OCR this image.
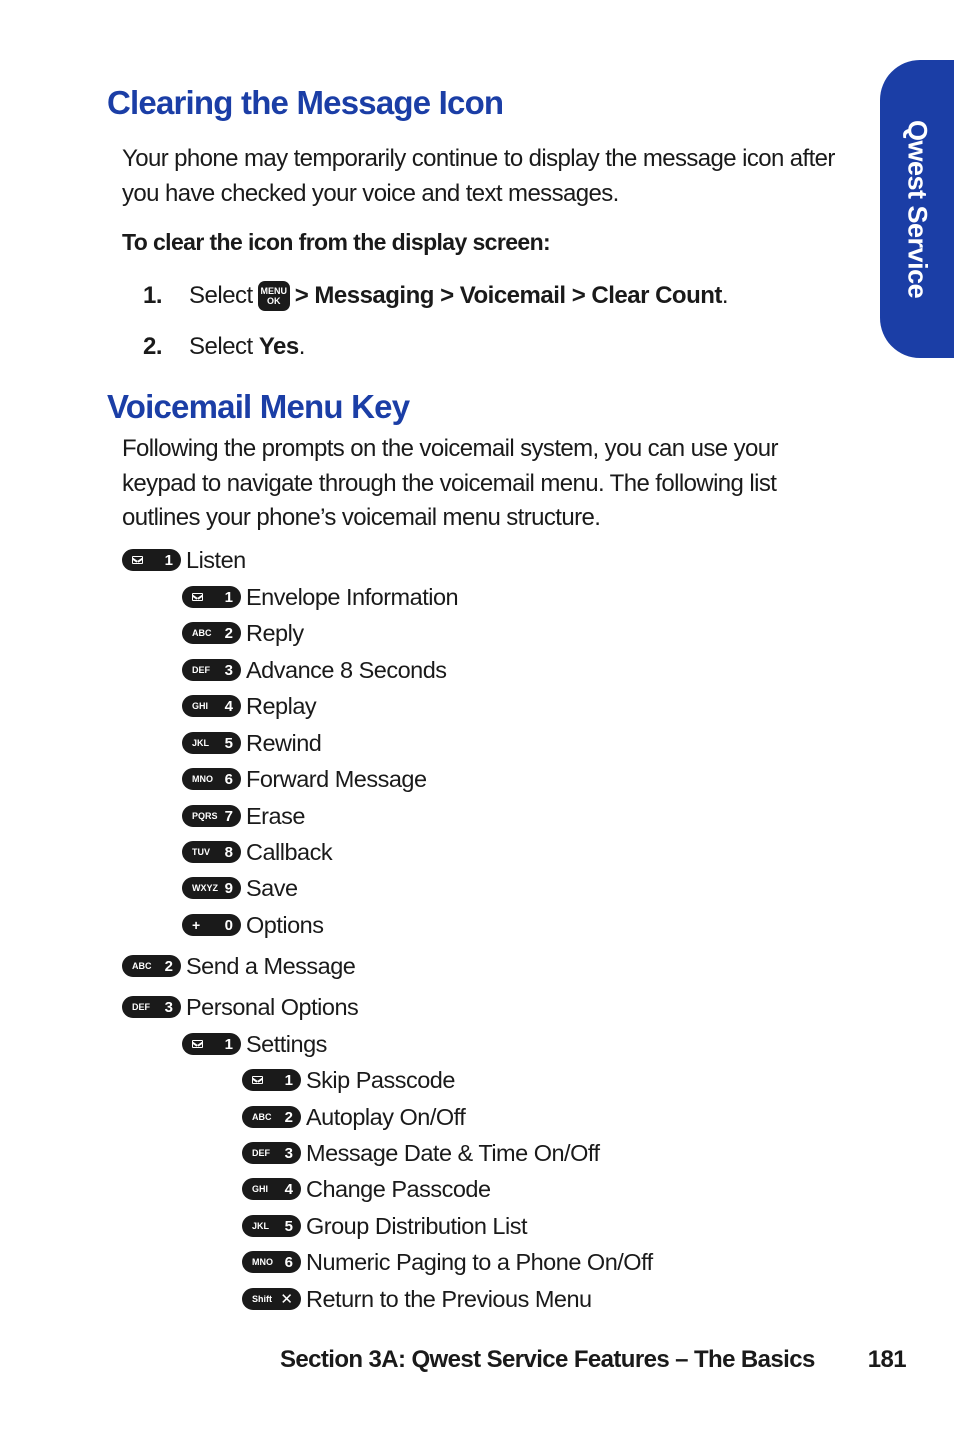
Qwest Service
Clearing the Message Icon

Your phone may temporarily continue to display the message icon after you have checked your voice and text messages.

To clear the icon from the display screen:

1.	Select MENU
OK > Messaging > Voicemail > Clear Count .
2.	Select
Yes .
Voicemail Menu Key

Following the prompts on the voicemail system, you can use your keypad to navigate through the voicemail menu. The following list outlines your phone’s voicemail menu structure.

1 Listen
1 Envelope Information
ABC 2 Reply
DEF 3 Advance 8 Seconds
GHI 4 Replay
JKL 5 Rewind
MNO 6 Forward Message
PQRS 7 Erase
TUV 8 Callback
WXYZ 9 Save
+ 0 Options
ABC 2 Send a Message
DEF 3 Personal Options
1 Settings
1 Skip Passcode
ABC 2 Autoplay On/Off
DEF 3 Message Date & Time On/Off
GHI 4 Change Passcode
JKL 5 Group Distribution List
MNO 6 Numeric Paging to a Phone On/Off
Shift ✕ Return to the Previous Menu
Section 3A: Qwest Service Features – The Basics 181
